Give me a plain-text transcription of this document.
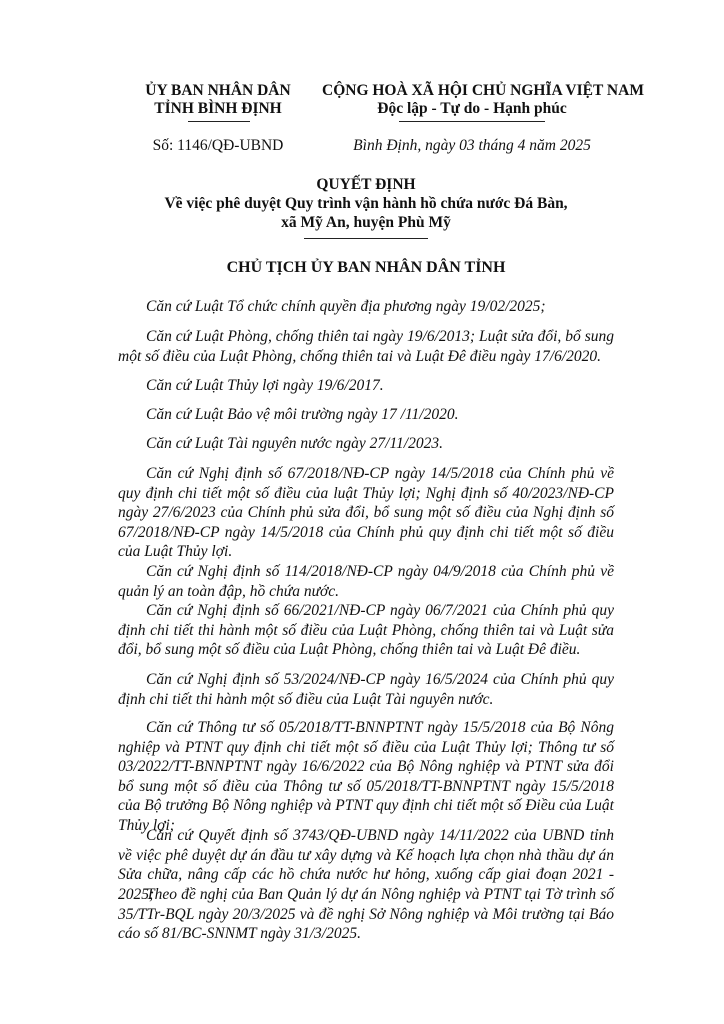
ỦY BAN NHÂN DÂN
TỈNH BÌNH ĐỊNH
Số: 1146/QĐ-UBND
CỘNG HOÀ XÃ HỘI CHỦ NGHĨA VIỆT NAM
Độc lập - Tự do - Hạnh phúc
Bình Định, ngày 03 tháng 4 năm 2025
QUYẾT ĐỊNH
Về việc phê duyệt Quy trình vận hành hồ chứa nước Đá Bàn,
xã Mỹ An, huyện Phù Mỹ
CHỦ TỊCH ỦY BAN NHÂN DÂN TỈNH

Căn cứ Luật Tổ chức chính quyền địa phương ngày 19/02/2025;

Căn cứ Luật Phòng, chống thiên tai ngày 19/6/2013; Luật sửa đổi, bổ sung một số điều của Luật Phòng, chống thiên tai và Luật Đê điều ngày 17/6/2020.

Căn cứ Luật Thủy lợi ngày 19/6/2017.

Căn cứ Luật Bảo vệ môi trường ngày 17 /11/2020.

Căn cứ Luật Tài nguyên nước ngày 27/11/2023.

Căn cứ Nghị định số 67/2018/NĐ-CP ngày 14/5/2018 của Chính phủ về quy định chi tiết một số điều của luật Thủy lợi; Nghị định số 40/2023/NĐ-CP ngày 27/6/2023 của Chính phủ sửa đổi, bổ sung một số điều của Nghị định số 67/2018/NĐ-CP ngày 14/5/2018 của Chính phủ quy định chi tiết một số điều của Luật Thủy lợi.

Căn cứ Nghị định số 114/2018/NĐ-CP ngày 04/9/2018 của Chính phủ về quản lý an toàn đập, hồ chứa nước.

Căn cứ Nghị định số 66/2021/NĐ-CP ngày 06/7/2021 của Chính phủ quy định chi tiết thi hành một số điều của Luật Phòng, chống thiên tai và Luật sửa đổi, bổ sung một số điều của Luật Phòng, chống thiên tai và Luật Đê điều.

Căn cứ Nghị định số 53/2024/NĐ-CP ngày 16/5/2024 của Chính phủ quy định chi tiết thi hành một số điều của Luật Tài nguyên nước.

Căn cứ Thông tư số 05/2018/TT-BNNPTNT ngày 15/5/2018 của Bộ Nông nghiệp và PTNT quy định chi tiết một số điều của Luật Thủy lợi; Thông tư số 03/2022/TT-BNNPTNT ngày 16/6/2022 của Bộ Nông nghiệp và PTNT sửa đổi bổ sung một số điều của Thông tư số 05/2018/TT-BNNPTNT ngày 15/5/2018 của Bộ trưởng Bộ Nông nghiệp và PTNT quy định chi tiết một số Điều của Luật Thủy lợi;

Căn cứ Quyết định số 3743/QĐ-UBND ngày 14/11/2022 của UBND tỉnh về việc phê duyệt dự án đầu tư xây dựng và Kế hoạch lựa chọn nhà thầu dự án Sửa chữa, nâng cấp các hồ chứa nước hư hỏng, xuống cấp giai đoạn 2021 - 2025;

Theo đề nghị của Ban Quản lý dự án Nông nghiệp và PTNT tại Tờ trình số 35/TTr-BQL ngày 20/3/2025 và đề nghị Sở Nông nghiệp và Môi trường tại Báo cáo số 81/BC-SNNMT ngày 31/3/2025.
